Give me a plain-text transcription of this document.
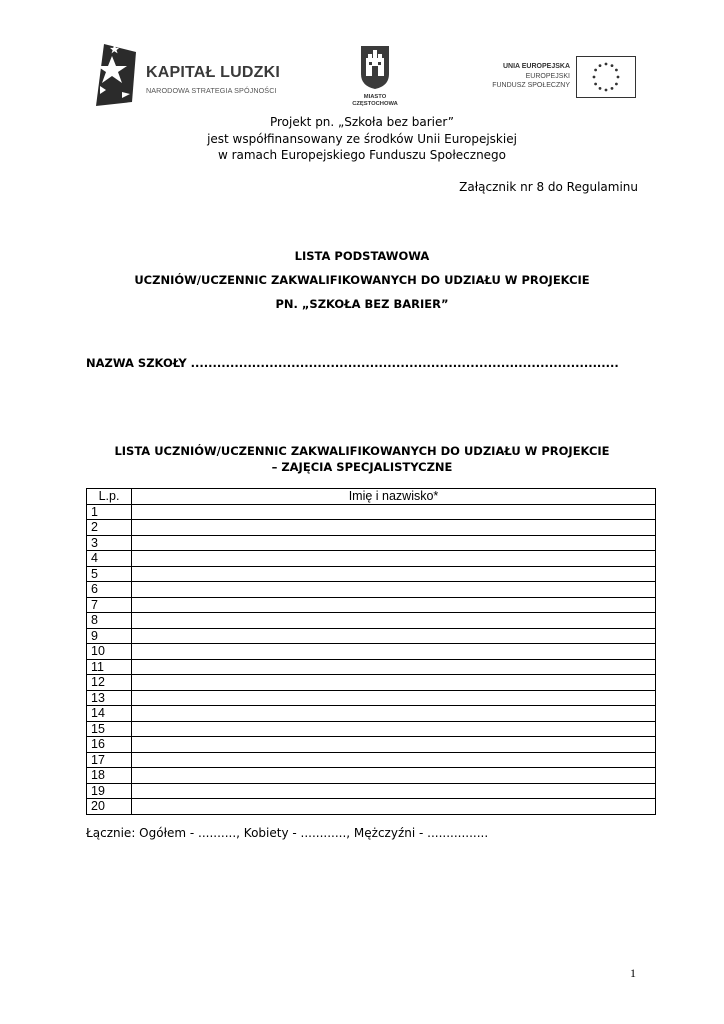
KAPITAŁ LUDZKI
NARODOWA STRATEGIA SPÓJNOŚCI
MIASTO
CZĘSTOCHOWA
UNIA EUROPEJSKA
EUROPEJSKI
FUNDUSZ SPOŁECZNY
Projekt pn. „Szkoła bez barier”
jest współfinansowany ze środków Unii Europejskiej
w ramach Europejskiego Funduszu Społecznego
Załącznik nr 8 do Regulaminu
LISTA PODSTAWOWA
UCZNIÓW/UCZENNIC ZAKWALIFIKOWANYCH DO UDZIAŁU W PROJEKCIE
PN. „SZKOŁA BEZ BARIER”
NAZWA SZKOŁY ..................................................................................................
LISTA UCZNIÓW/UCZENNIC ZAKWALIFIKOWANYCH DO UDZIAŁU W PROJEKCIE
– ZAJĘCIA SPECJALISTYCZNE
L.p.	Imię i nazwisko*
1	
2	
3	
4	
5	
6	
7	
8	
9	
10	
11	
12	
13	
14	
15	
16	
17	
18	
19	
20	
Łącznie: Ogółem - .........., Kobiety - ............, Mężczyźni - ................
1
